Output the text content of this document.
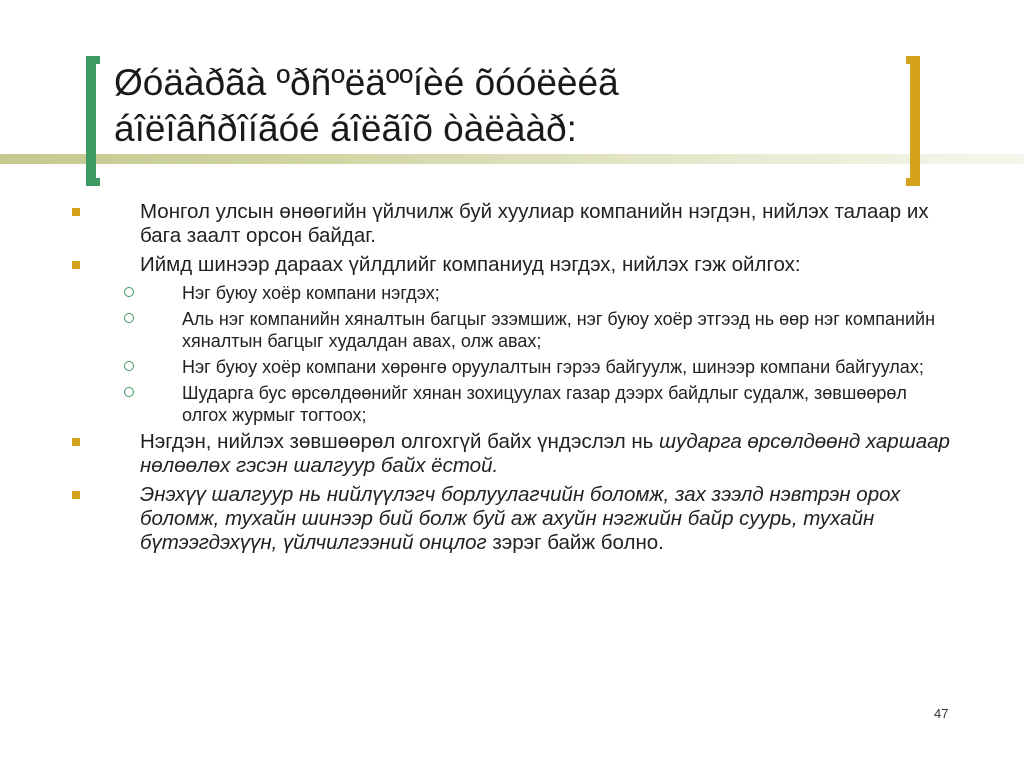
Øóäàðãà ºðñºëäººíèé õóóëèéã
áîëîâñðîíãóé áîëãîõ òàëààð:
Монгол улсын өнөөгийн үйлчилж буй хуулиар компанийн нэгдэн, нийлэх талаар их бага заалт орсон байдаг.
Иймд шинээр дараах үйлдлийг компаниуд нэгдэх, нийлэх гэж ойлгох:
Нэг буюу хоёр компани нэгдэх;
Аль нэг компанийн хяналтын багцыг эзэмшиж, нэг буюу хоёр этгээд нь өөр нэг компанийн хяналтын багцыг худалдан авах, олж авах;
Нэг буюу хоёр компани хөрөнгө оруулалтын гэрээ байгуулж, шинээр компани байгуулах;
Шударга бус өрсөлдөөнийг хянан зохицуулах газар дээрх байдлыг судалж, зөвшөөрөл олгох журмыг тогтоох;
Нэгдэн, нийлэх зөвшөөрөл олгохгүй байх үндэслэл нь шударга өрсөлдөөнд харшаар нөлөөлөх гэсэн шалгуур байх ёстой.
Энэхүү шалгуур нь нийлүүлэгч борлуулагчийн боломж, зах зээлд нэвтрэн орох боломж, тухайн шинээр бий болж буй аж ахуйн нэгжийн байр суурь, тухайн бүтээгдэхүүн, үйлчилгээний онцлог зэрэг байж болно.
47
